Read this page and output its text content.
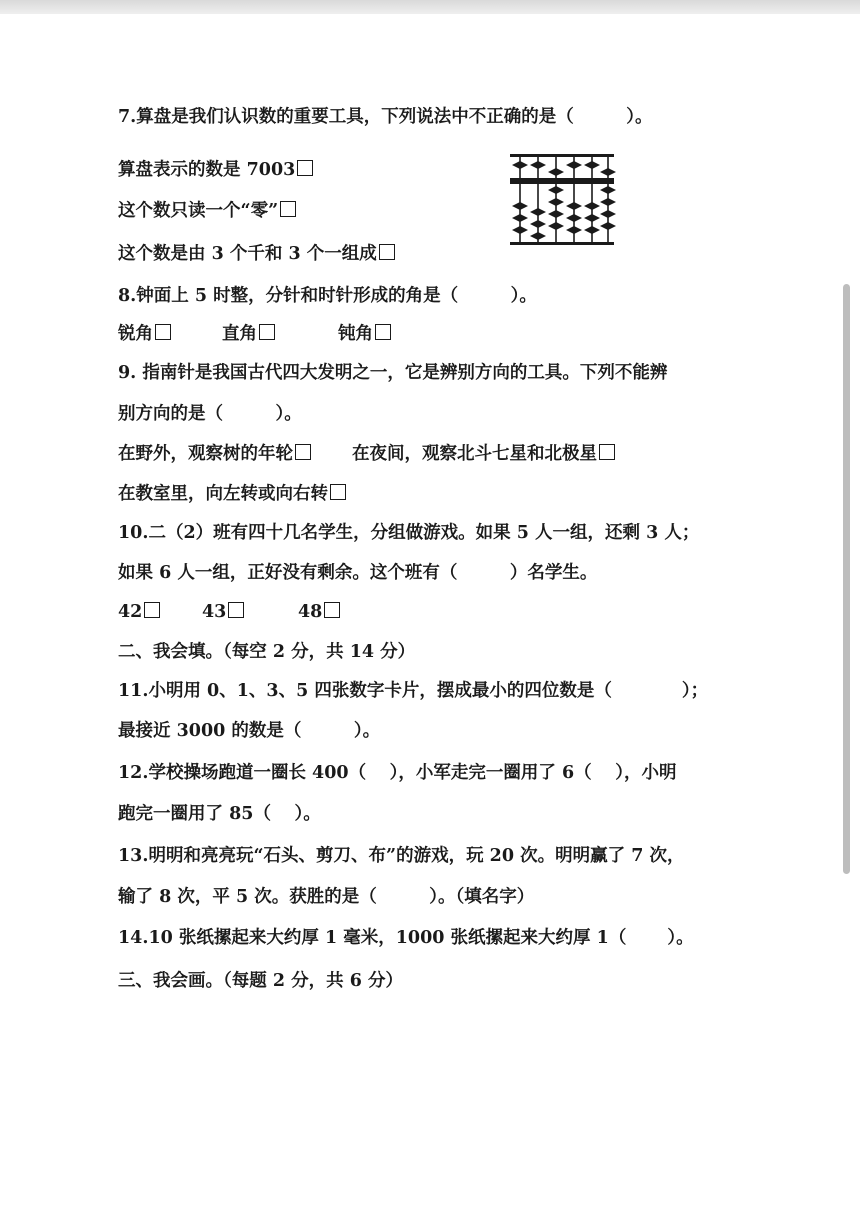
7.算盘是我们认识数的重要工具，下列说法中不正确的是（　　　）。
算盘表示的数是 7003
这个数只读一个“零”
这个数是由 3 个千和 3 个一组成
8.钟面上 5 时整，分针和时针形成的角是（　　　）。
锐角	直角	钝角
9. 指南针是我国古代四大发明之一，它是辨别方向的工具。下列不能辨
别方向的是（　　　）。
在野外，观察树的年轮	在夜间，观察北斗七星和北极星
在教室里，向左转或向右转
10.二（2）班有四十几名学生，分组做游戏。如果 5 人一组，还剩 3 人；
如果 6 人一组，正好没有剩余。这个班有（　　　）名学生。
42	43	48
二、我会填。（每空 2 分，共 14 分）
11.小明用 0、1、3、5 四张数字卡片，摆成最小的四位数是（　　　　）；
最接近 3000 的数是（　　　）。
12.学校操场跑道一圈长 400（　 ），小军走完一圈用了 6（　 ），小明
跑完一圈用了 85（　 ）。
13.明明和亮亮玩“石头、剪刀、布”的游戏，玩 20 次。明明赢了 7 次，
输了 8 次，平 5 次。获胜的是（　　　）。（填名字）
14.10 张纸摞起来大约厚 1 毫米，1000 张纸摞起来大约厚 1（　　 ）。
三、我会画。（每题 2 分，共 6 分）
